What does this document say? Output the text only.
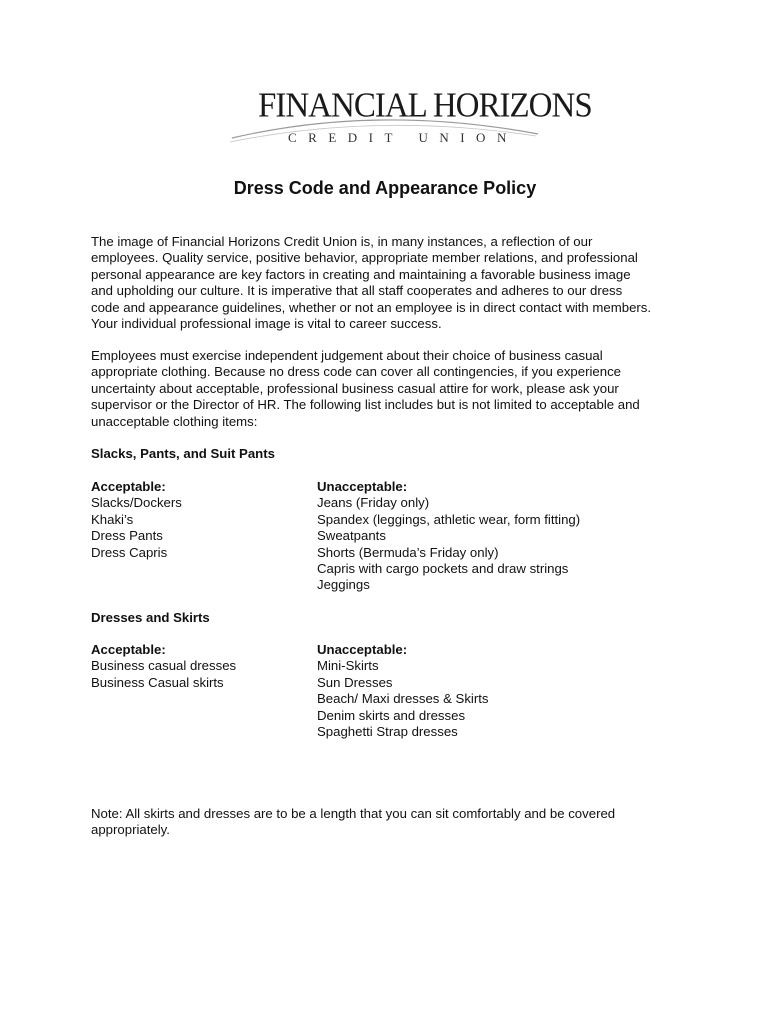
FINANCIAL HORIZONS
CREDIT UNION
Dress Code and Appearance Policy

The image of Financial Horizons Credit Union is, in many instances, a reflection of our

employees. Quality service, positive behavior, appropriate member relations, and professional

personal appearance are key factors in creating and maintaining a favorable business image

and upholding our culture. It is imperative that all staff cooperates and adheres to our dress

code and appearance guidelines, whether or not an employee is in direct contact with members.

Your individual professional image is vital to career success.

Employees must exercise independent judgement about their choice of business casual

appropriate clothing. Because no dress code can cover all contingencies, if you experience

uncertainty about acceptable, professional business casual attire for work, please ask your

supervisor or the Director of HR. The following list includes but is not limited to acceptable and

unacceptable clothing items:

Slacks, Pants, and Suit Pants
Acceptable:
Slacks/Dockers
Khaki’s
Dress Pants
Dress Capris
Unacceptable:
Jeans (Friday only)
Spandex (leggings, athletic wear, form fitting)
Sweatpants
Shorts (Bermuda’s Friday only)
Capris with cargo pockets and draw strings
Jeggings
Dresses and Skirts
Acceptable:
Business casual dresses
Business Casual skirts
Unacceptable:
Mini-Skirts
Sun Dresses
Beach/ Maxi dresses & Skirts
Denim skirts and dresses
Spaghetti Strap dresses

Note: All skirts and dresses are to be a length that you can sit comfortably and be covered

appropriately.
